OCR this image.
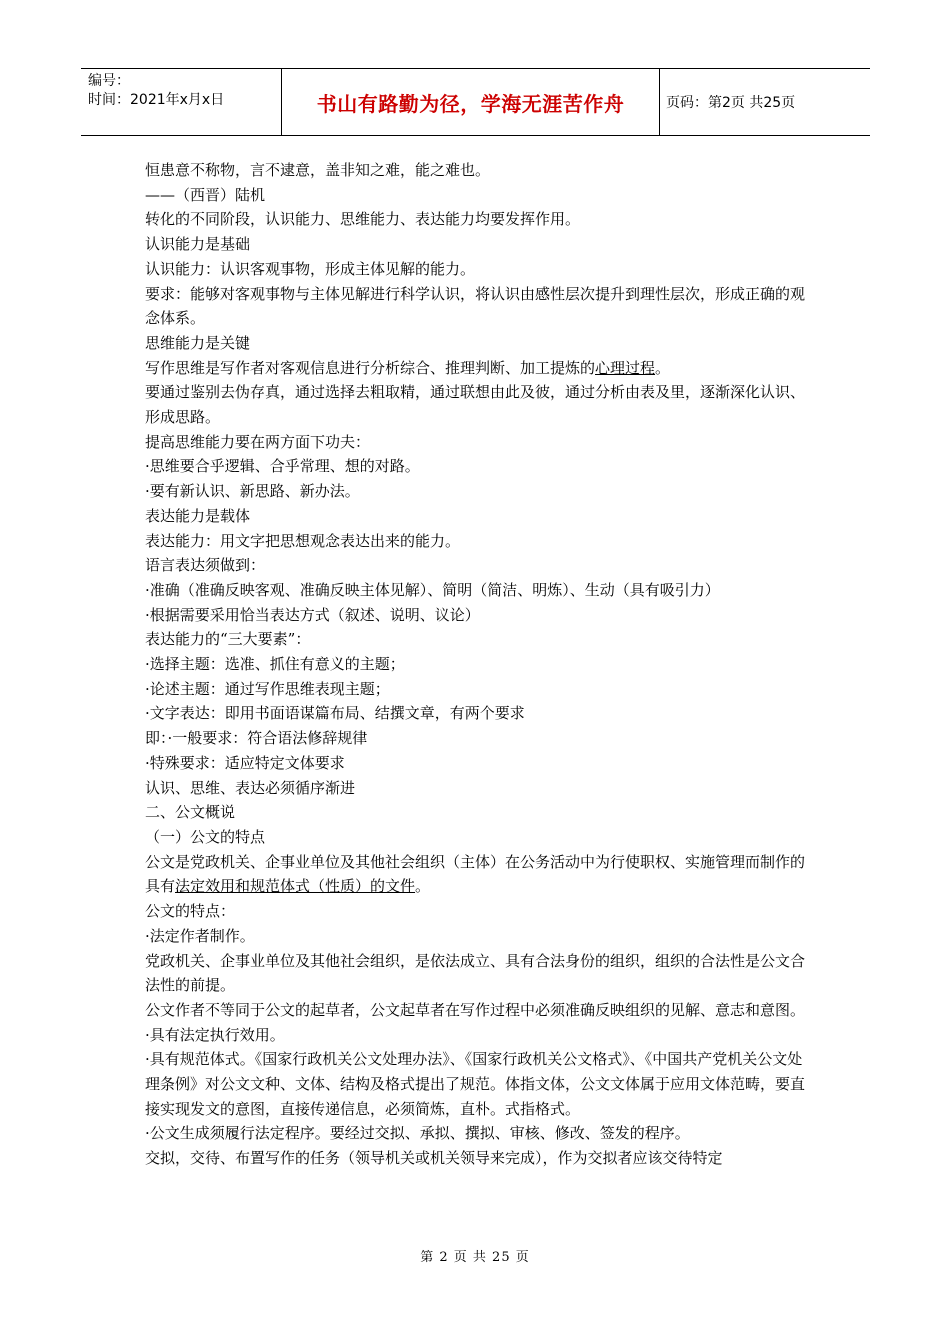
编号：
时间：2021年x月x日	书山有路勤为径，学海无涯苦作舟	页码：第2页 共25页

恒患意不称物，言不逮意，盖非知之难，能之难也。

——（西晋）陆机

转化的不同阶段，认识能力、思维能力、表达能力均要发挥作用。

认识能力是基础

认识能力：认识客观事物，形成主体见解的能力。

要求：能够对客观事物与主体见解进行科学认识，将认识由感性层次提升到理性层次，形成正确的观念体系。

思维能力是关键

写作思维是写作者对客观信息进行分析综合、推理判断、加工提炼的心理过程。

要通过鉴别去伪存真，通过选择去粗取精，通过联想由此及彼，通过分析由表及里，逐渐深化认识、形成思路。

提高思维能力要在两方面下功夫：

·思维要合乎逻辑、合乎常理、想的对路。

·要有新认识、新思路、新办法。

表达能力是载体

表达能力：用文字把思想观念表达出来的能力。

语言表达须做到：

·准确（准确反映客观、准确反映主体见解）、简明（简洁、明炼）、生动（具有吸引力）

·根据需要采用恰当表达方式（叙述、说明、议论）

表达能力的“三大要素”：

·选择主题：选准、抓住有意义的主题；

·论述主题：通过写作思维表现主题；

·文字表达：即用书面语谋篇布局、结撰文章，有两个要求

即：·一般要求：符合语法修辞规律

·特殊要求：适应特定文体要求

认识、思维、表达必须循序渐进

二、公文概说

（一）公文的特点

公文是党政机关、企事业单位及其他社会组织（主体）在公务活动中为行使职权、实施管理而制作的具有法定效用和规范体式（性质）的文件。

公文的特点：

·法定作者制作。

党政机关、企事业单位及其他社会组织，是依法成立、具有合法身份的组织，组织的合法性是公文合法性的前提。

公文作者不等同于公文的起草者，公文起草者在写作过程中必须准确反映组织的见解、意志和意图。

·具有法定执行效用。

·具有规范体式。《国家行政机关公文处理办法》、《国家行政机关公文格式》、《中国共产党机关公文处理条例》对公文文种、文体、结构及格式提出了规范。体指文体，公文文体属于应用文体范畴，要直接实现发文的意图，直接传递信息，必须简炼，直朴。式指格式。

·公文生成须履行法定程序。要经过交拟、承拟、撰拟、审核、修改、签发的程序。

交拟，交待、布置写作的任务（领导机关或机关领导来完成），作为交拟者应该交待特定

第 2 页 共 25 页
